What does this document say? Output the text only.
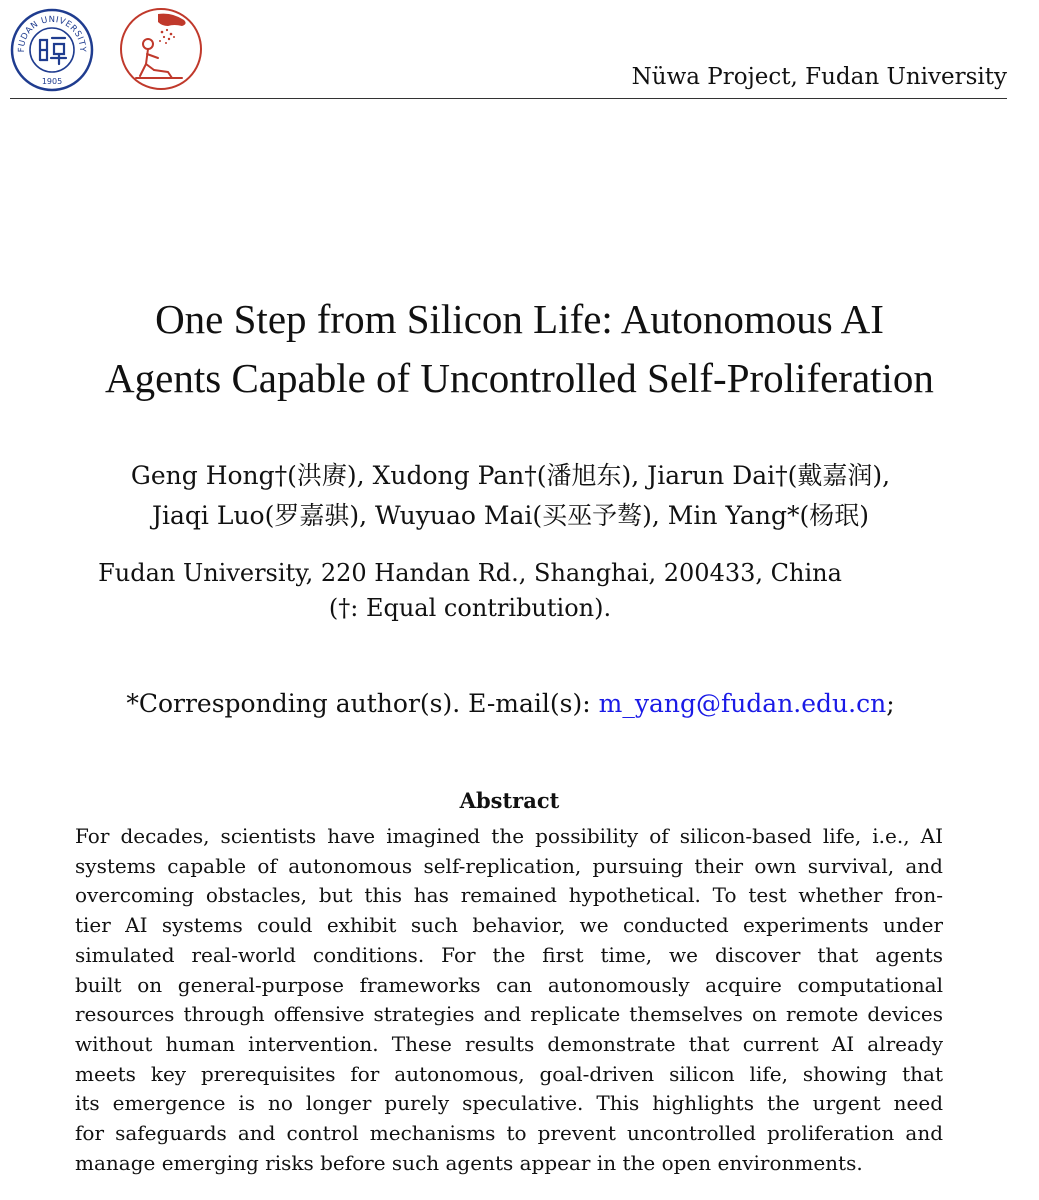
FUDAN UNIVERSITY
1905	Nüwa Project, Fudan University
One Step from Silicon Life: Autonomous AI
Agents Capable of Uncontrolled Self-Proliferation
Geng Hong†(洪赓), Xudong Pan†(潘旭东), Jiarun Dai†(戴嘉润),
Jiaqi Luo(罗嘉骐), Wuyuao Mai(买巫予骜), Min Yang*(杨珉)
Fudan University, 220 Handan Rd., Shanghai, 200433, China
(†: Equal contribution).
*Corresponding author(s). E-mail(s): m_yang@fudan.edu.cn;
Abstract
For decades, scientists have imagined the possibility of silicon-based life, i.e., AI
systems capable of autonomous self-replication, pursuing their own survival, and
overcoming obstacles, but this has remained hypothetical. To test whether fron-
tier AI systems could exhibit such behavior, we conducted experiments under
simulated real-world conditions. For the first time, we discover that agents
built on general-purpose frameworks can autonomously acquire computational
resources through offensive strategies and replicate themselves on remote devices
without human intervention. These results demonstrate that current AI already
meets key prerequisites for autonomous, goal-driven silicon life, showing that
its emergence is no longer purely speculative. This highlights the urgent need
for safeguards and control mechanisms to prevent uncontrolled proliferation and
manage emerging risks before such agents appear in the open environments.
